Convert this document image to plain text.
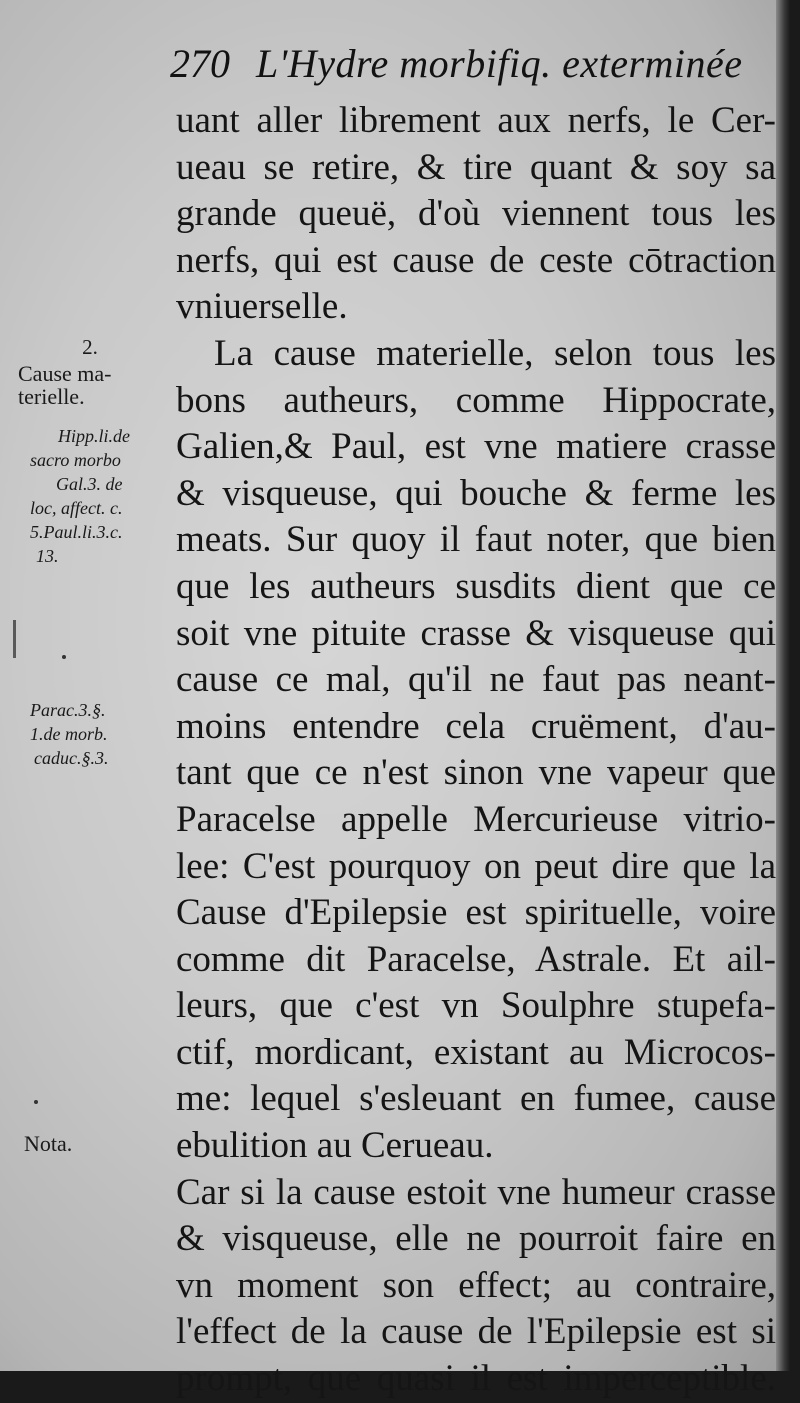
270 L'Hydre morbifiq. exterminée
2.
Cause ma-
terielle.
Hipp.li.de
sacro morbo
Gal.3. de
loc, affect. c.
5.Paul.li.3.c.
13.
Parac.3.§.
1.de morb.
caduc.§.3.
Nota.
uant aller librement aux nerfs, le Cer-
ueau se retire, & tire quant & soy sa
grande queuë, d'où viennent tous les
nerfs, qui est cause de ceste cōtraction
vniuerselle.
La cause materielle, selon tous les
bons autheurs, comme Hippocrate,
Galien,& Paul, est vne matiere crasse
& visqueuse, qui bouche & ferme les
meats. Sur quoy il faut noter, que bien
que les autheurs susdits dient que ce
soit vne pituite crasse & visqueuse qui
cause ce mal, qu'il ne faut pas neant-
moins entendre cela cruëment, d'au-
tant que ce n'est sinon vne vapeur que
Paracelse appelle Mercurieuse vitrio-
lee: C'est pourquoy on peut dire que la
Cause d'Epilepsie est spirituelle, voire
comme dit Paracelse, Astrale. Et ail-
leurs, que c'est vn Soulphre stupefa-
ctif, mordicant, existant au Microcos-
me: lequel s'esleuant en fumee, cause
ebulition au Cerueau.
Car si la cause estoit vne humeur crasse
& visqueuse, elle ne pourroit faire en
vn moment son effect; au contraire,
l'effect de la cause de l'Epilepsie est si
prompt, que quasi il est imperceptible.
